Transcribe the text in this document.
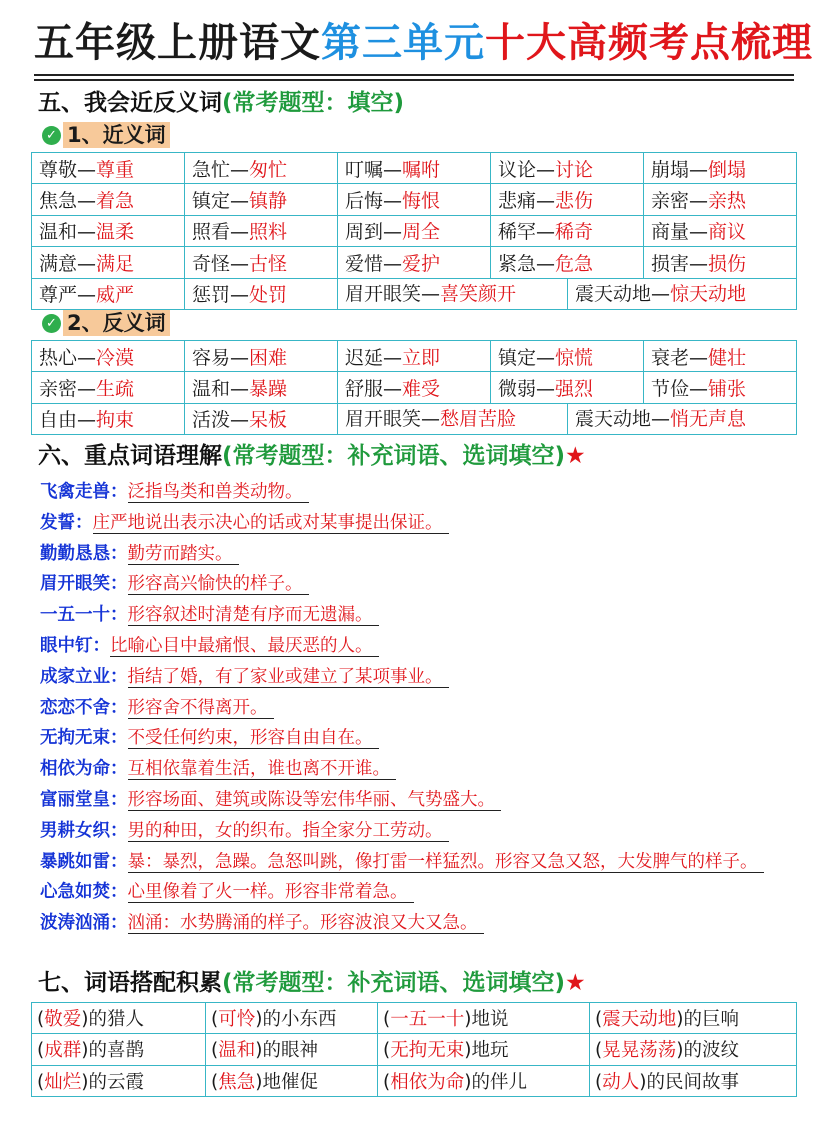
五年级上册语文第三单元十大高频考点梳理
五、我会近反义词(常考题型：填空)
✓ 1、近义词
尊敬—尊重	急忙—匆忙	叮嘱—嘱咐	议论—讨论	崩塌—倒塌
焦急—着急	镇定—镇静	后悔—悔恨	悲痛—悲伤	亲密—亲热
温和—温柔	照看—照料	周到—周全	稀罕—稀奇	商量—商议
满意—满足	奇怪—古怪	爱惜—爱护	紧急—危急	损害—损伤
尊严—威严	惩罚—处罚	眉开眼笑—喜笑颜开 震天动地—惊天动地		
✓ 2、反义词
热心—冷漠	容易—困难	迟延—立即	镇定—惊慌	衰老—健壮
亲密—生疏	温和—暴躁	舒服—难受	微弱—强烈	节俭—铺张
自由—拘束	活泼—呆板	眉开眼笑—愁眉苦脸 震天动地—悄无声息		
六、重点词语理解(常考题型：补充词语、选词填空)★
飞禽走兽：泛指鸟类和兽类动物。
发誓：庄严地说出表示决心的话或对某事提出保证。
勤勤恳恳：勤劳而踏实。
眉开眼笑：形容高兴愉快的样子。
一五一十：形容叙述时清楚有序而无遗漏。
眼中钉：比喻心目中最痛恨、最厌恶的人。
成家立业：指结了婚，有了家业或建立了某项事业。
恋恋不舍：形容舍不得离开。
无拘无束：不受任何约束，形容自由自在。
相依为命：互相依靠着生活，谁也离不开谁。
富丽堂皇：形容场面、建筑或陈设等宏伟华丽、气势盛大。
男耕女织：男的种田，女的织布。指全家分工劳动。
暴跳如雷：暴：暴烈，急躁。急怒叫跳，像打雷一样猛烈。形容又急又怒，大发脾气的样子。
心急如焚：心里像着了火一样。形容非常着急。
波涛汹涌：汹涌：水势腾涌的样子。形容波浪又大又急。
七、词语搭配积累(常考题型：补充词语、选词填空)★
(敬爱)的猎人	(可怜)的小东西	(一五一十)地说	(震天动地)的巨响
(成群)的喜鹊	(温和)的眼神	(无拘无束)地玩	(晃晃荡荡)的波纹
(灿烂)的云霞	(焦急)地催促	(相依为命)的伴儿	(动人)的民间故事
